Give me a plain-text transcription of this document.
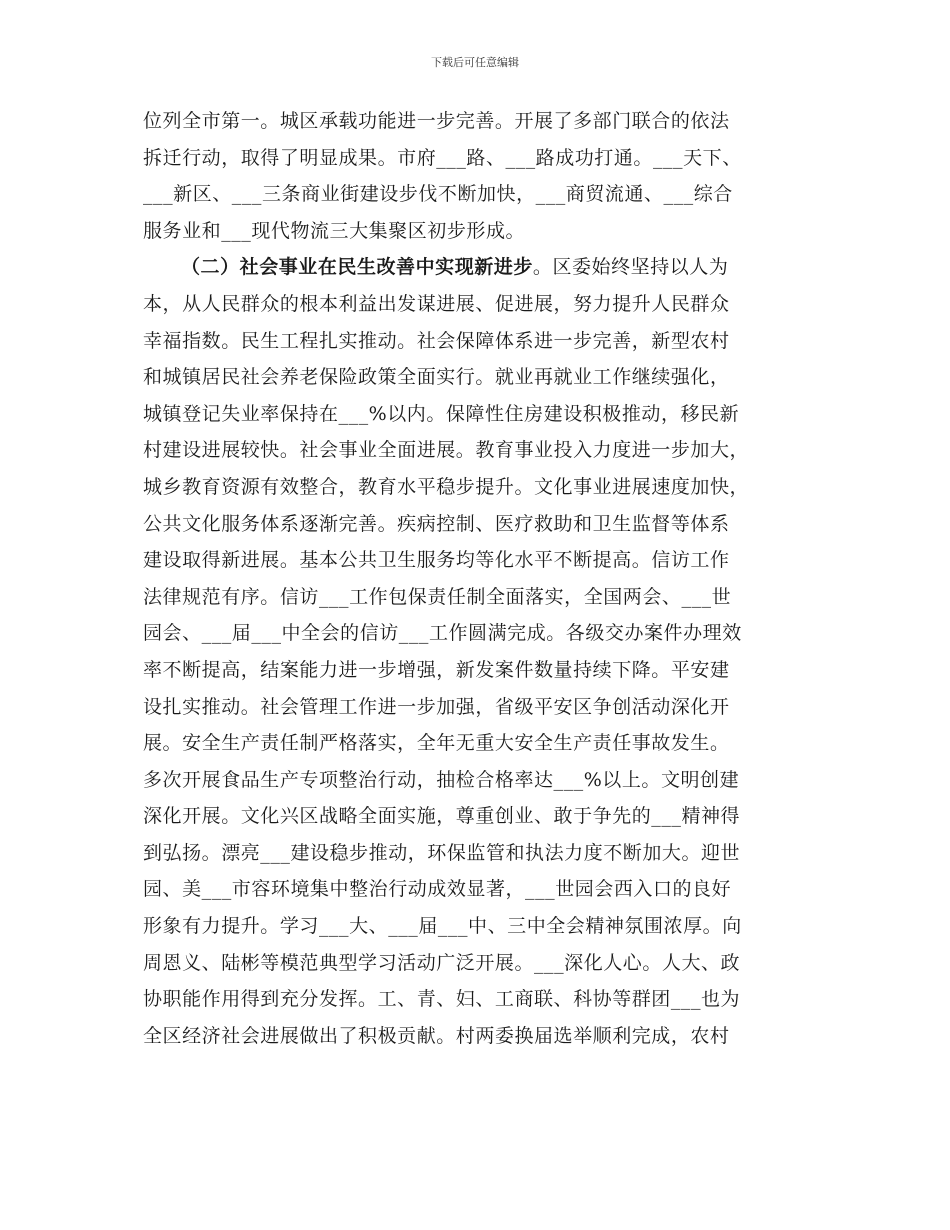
下载后可任意编辑
位列全市第一。城区承载功能进一步完善。开展了多部门联合的依法
拆迁行动，取得了明显成果。市府___路、___路成功打通。___天下、
___新区、___三条商业街建设步伐不断加快，___商贸流通、___综合
服务业和___现代物流三大集聚区初步形成。
（二）社会事业在民生改善中实现新进步。区委始终坚持以人为
本，从人民群众的根本利益出发谋进展、促进展，努力提升人民群众
幸福指数。民生工程扎实推动。社会保障体系进一步完善，新型农村
和城镇居民社会养老保险政策全面实行。就业再就业工作继续强化，
城镇登记失业率保持在___%以内。保障性住房建设积极推动，移民新
村建设进展较快。社会事业全面进展。教育事业投入力度进一步加大，
城乡教育资源有效整合，教育水平稳步提升。文化事业进展速度加快，
公共文化服务体系逐渐完善。疾病控制、医疗救助和卫生监督等体系
建设取得新进展。基本公共卫生服务均等化水平不断提高。信访工作
法律规范有序。信访___工作包保责任制全面落实，全国两会、___世
园会、___届___中全会的信访___工作圆满完成。各级交办案件办理效
率不断提高，结案能力进一步增强，新发案件数量持续下降。平安建
设扎实推动。社会管理工作进一步加强，省级平安区争创活动深化开
展。安全生产责任制严格落实，全年无重大安全生产责任事故发生。
多次开展食品生产专项整治行动，抽检合格率达___%以上。文明创建
深化开展。文化兴区战略全面实施，尊重创业、敢于争先的___精神得
到弘扬。漂亮___建设稳步推动，环保监管和执法力度不断加大。迎世
园、美___市容环境集中整治行动成效显著，___世园会西入口的良好
形象有力提升。学习___大、___届___中、三中全会精神氛围浓厚。向
周恩义、陆彬等模范典型学习活动广泛开展。___深化人心。人大、政
协职能作用得到充分发挥。工、青、妇、工商联、科协等群团___也为
全区经济社会进展做出了积极贡献。村两委换届选举顺利完成，农村
